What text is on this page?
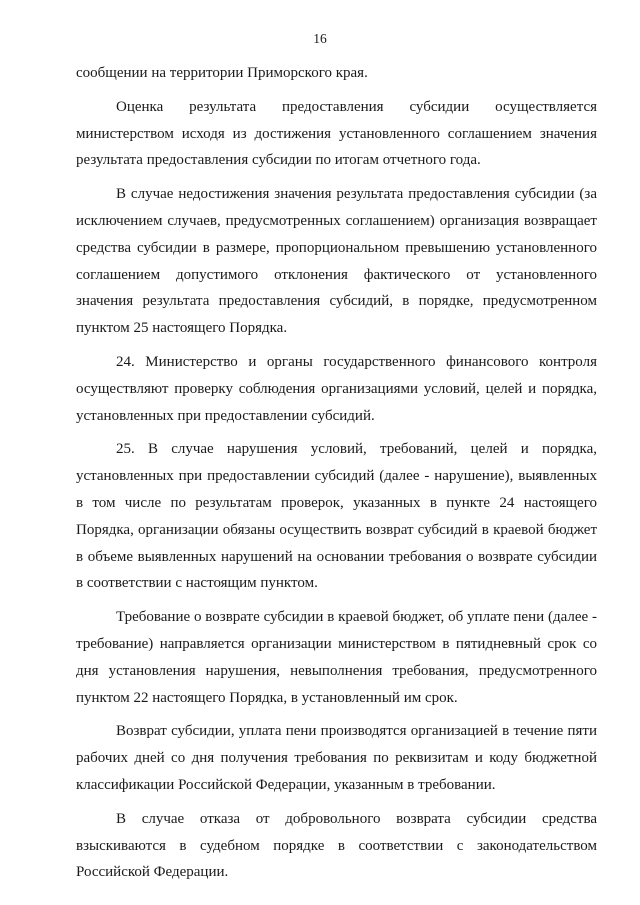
16

сообщении на территории Приморского края.

Оценка результата предоставления субсидии осуществляется министерством исходя из достижения установленного соглашением значения результата предоставления субсидии по итогам отчетного года.

В случае недостижения значения результата предоставления субсидии (за исключением случаев, предусмотренных соглашением) организация возвращает средства субсидии в размере, пропорциональном превышению установленного соглашением допустимого отклонения фактического от установленного значения результата предоставления субсидий, в порядке, предусмотренном пунктом 25 настоящего Порядка.

24. Министерство и органы государственного финансового контроля осуществляют проверку соблюдения организациями условий, целей и порядка, установленных при предоставлении субсидий.

25. В случае нарушения условий, требований, целей и порядка, установленных при предоставлении субсидий (далее - нарушение), выявленных в том числе по результатам проверок, указанных в пункте 24 настоящего Порядка, организации обязаны осуществить возврат субсидий в краевой бюджет в объеме выявленных нарушений на основании требования о возврате субсидии в соответствии с настоящим пунктом.

Требование о возврате субсидии в краевой бюджет, об уплате пени (далее - требование) направляется организации министерством в пятидневный срок со дня установления нарушения, невыполнения требования, предусмотренного пунктом 22 настоящего Порядка, в установленный им срок.

Возврат субсидии, уплата пени производятся организацией в течение пяти рабочих дней со дня получения требования по реквизитам и коду бюджетной классификации Российской Федерации, указанным в требовании.

В случае отказа от добровольного возврата субсидии средства взыскиваются в судебном порядке в соответствии с законодательством Российской Федерации.
